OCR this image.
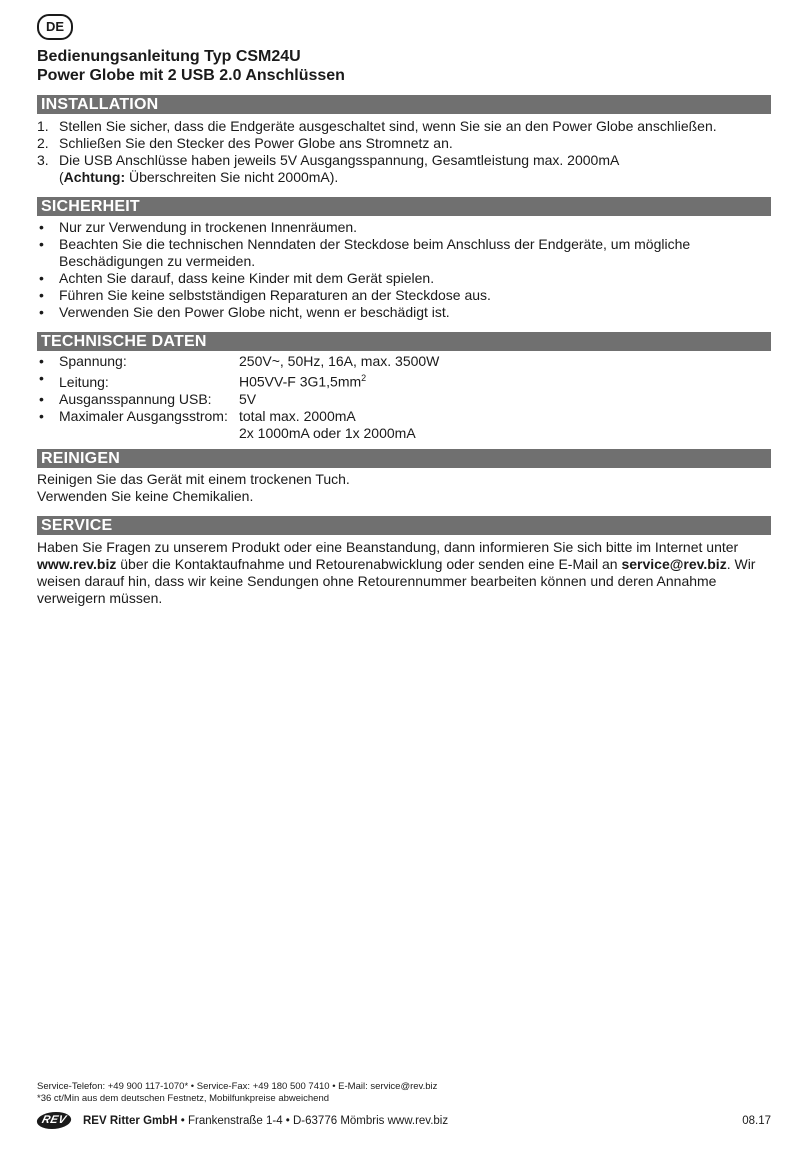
DE
Bedienungsanleitung Typ CSM24U
Power Globe mit 2 USB 2.0 Anschlüssen
INSTALLATION
1. Stellen Sie sicher, dass die Endgeräte ausgeschaltet sind, wenn Sie sie an den Power Globe anschließen.
2. Schließen Sie den Stecker des Power Globe ans Stromnetz an.
3. Die USB Anschlüsse haben jeweils 5V Ausgangsspannung, Gesamtleistung max. 2000mA
(Achtung: Überschreiten Sie nicht 2000mA).
SICHERHEIT
•	Nur zur Verwendung in trockenen Innenräumen.
•	Beachten Sie die technischen Nenndaten der Steckdose beim Anschluss der Endgeräte, um mögliche
Beschädigungen zu vermeiden.
•	Achten Sie darauf, dass keine Kinder mit dem Gerät spielen.
•	Führen Sie keine selbstständigen Reparaturen an der Steckdose aus.
•	Verwenden Sie den Power Globe nicht, wenn er beschädigt ist.
TECHNISCHE DATEN
•	Spannung:	250V~, 50Hz, 16A, max. 3500W
•	Leitung:	H05VV-F $3G1,5mm^2$
•	Ausgansspannung USB: 5V
•	Maximaler Ausgangsstrom: total max. 2000mA
2x 1000mA oder 1x 2000mA
REINIGEN
Reinigen Sie das Gerät mit einem trockenen Tuch.
Verwenden Sie keine Chemikalien.
SERVICE
Haben Sie Fragen zu unserem Produkt oder eine Beanstandung, dann informieren Sie sich bitte im Internet unter www.rev.biz über die Kontaktaufnahme und Retourenabwicklung oder senden eine E-Mail an service@rev.biz. Wir weisen darauf hin, dass wir keine Sendungen ohne Retourennummer bearbeiten können und deren Annahme verweigern müssen.
Service-Telefon: +49 900 117-1070* • Service-Fax: +49 180 500 7410 • E-Mail: service@rev.biz
*36 ct/Min aus dem deutschen Festnetz, Mobilfunkpreise abweichend
REV	REV Ritter GmbH • Frankenstraße 1-4 • D-63776 Mömbris www.rev.biz	08.17
